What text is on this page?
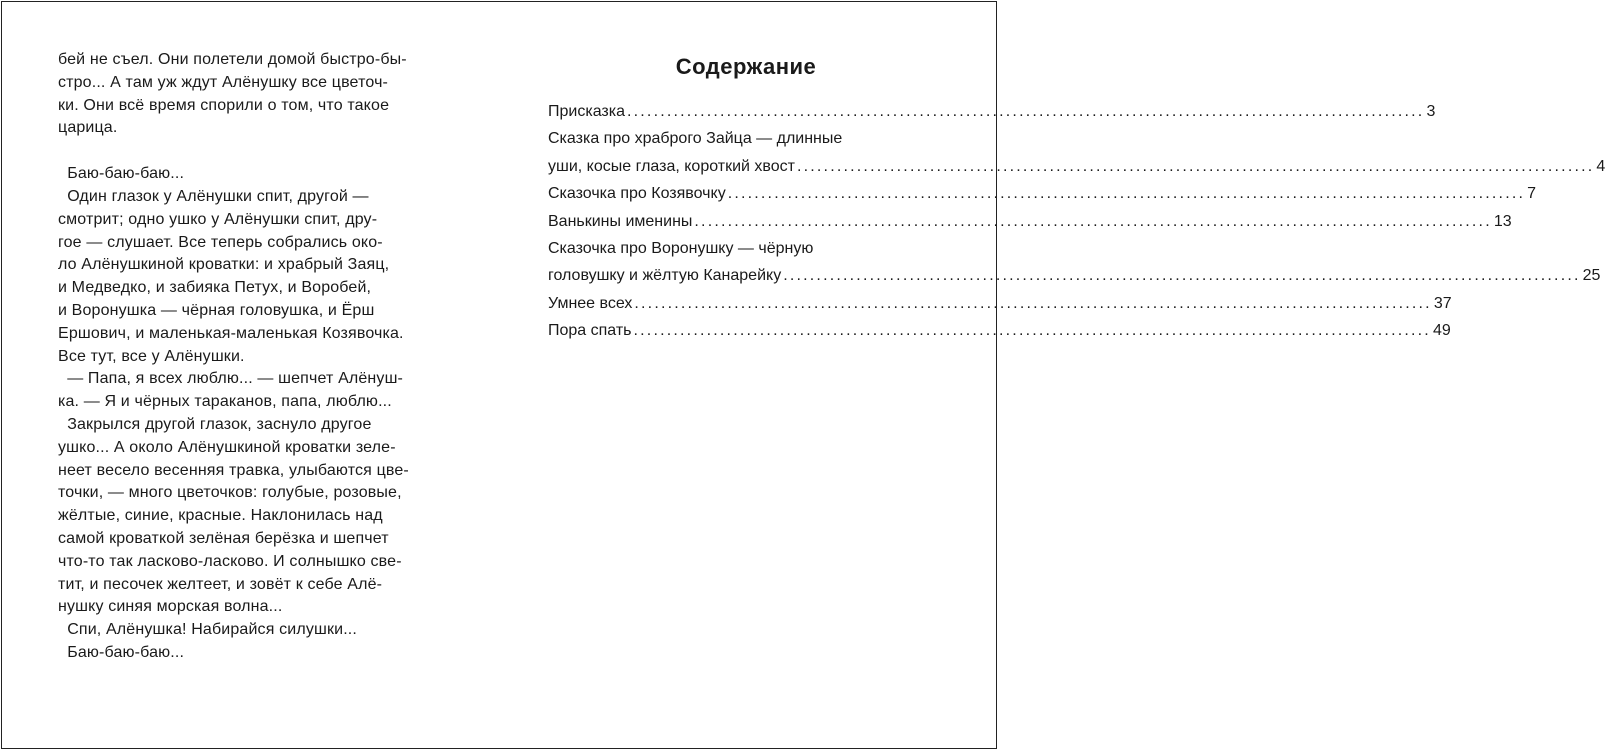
бей не съел. Они полетели домой быстро-бы-
стро... А там уж ждут Алёнушку все цветоч-
ки. Они всё время спорили о том, что такое
царица.
Баю-баю-баю...
Один глазок у Алёнушки спит, другой —
смотрит; одно ушко у Алёнушки спит, дру-
гое — слушает. Все теперь собрались око-
ло Алёнушкиной кроватки: и храбрый Заяц,
и Медведко, и забияка Петух, и Воробей,
и Воронушка — чёрная головушка, и Ёрш
Ершович, и маленькая-маленькая Козявочка.
Все тут, все у Алёнушки.
— Папа, я всех люблю... — шепчет Алёнуш-
ка. — Я и чёрных тараканов, папа, люблю...
Закрылся другой глазок, заснуло другое
ушко... А около Алёнушкиной кроватки зеле-
неет весело весенняя травка, улыбаются цве-
точки, — много цветочков: голубые, розовые,
жёлтые, синие, красные. Наклонилась над
самой кроваткой зелёная берёзка и шепчет
что-то так ласково-ласково. И солнышко све-
тит, и песочек желтеет, и зовёт к себе Алё-
нушку синяя морская волна...
Спи, Алёнушка! Набирайся силушки...
Баю-баю-баю...
Содержание
Присказка ........................................................................................................................ 3
Сказка про храброго Зайца — длинные
уши, косые глаза, короткий хвост ........................................................................................................................ 4
Сказочка про Козявочку ........................................................................................................................ 7
Ванькины именины ........................................................................................................................ 13
Сказочка про Воронушку — чёрную
головушку и жёлтую Канарейку ........................................................................................................................ 25
Умнее всех ........................................................................................................................ 37
Пора спать ........................................................................................................................ 49
